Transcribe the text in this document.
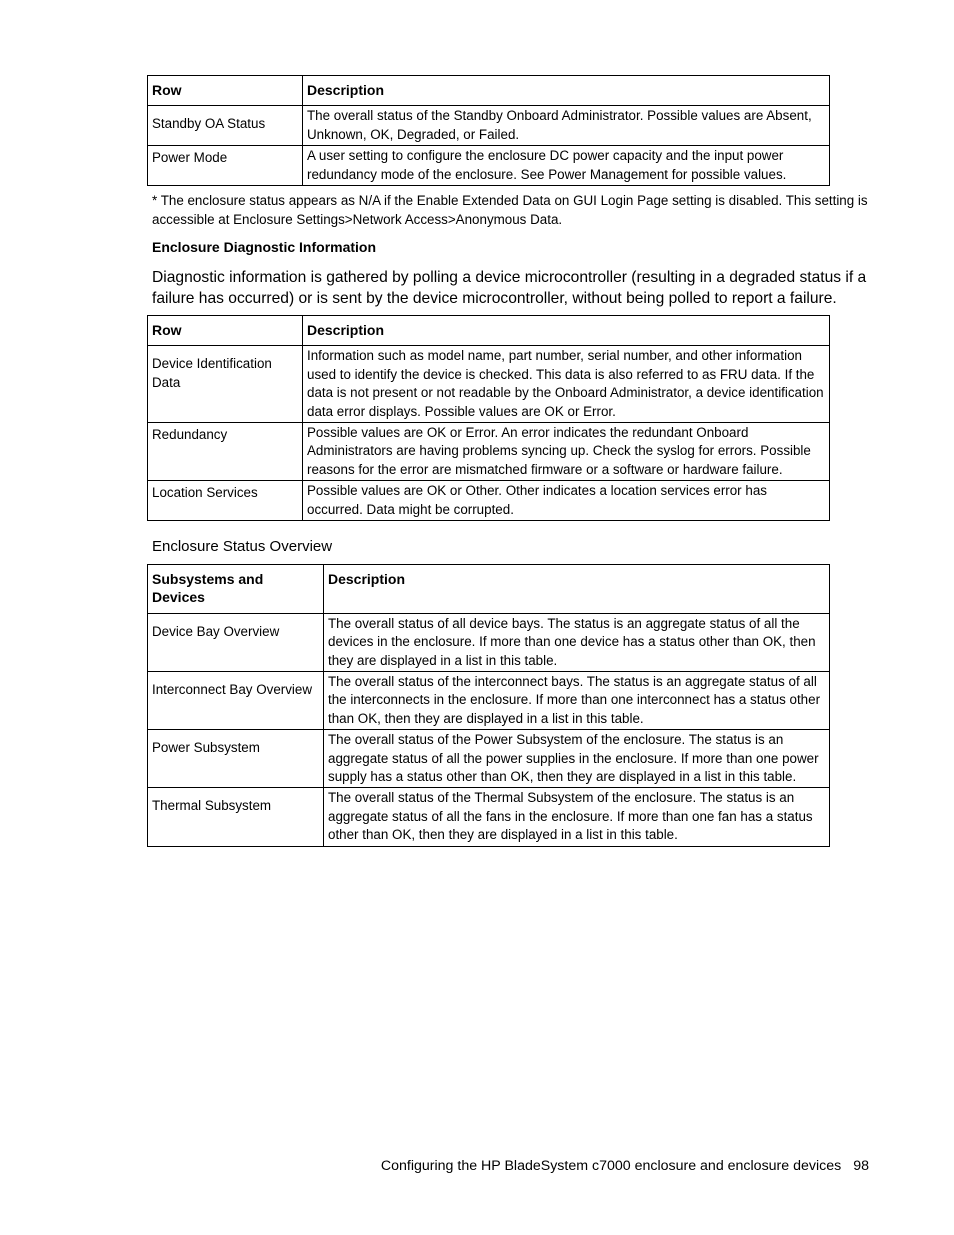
Row	Description
Standby OA Status	The overall status of the Standby Onboard Administrator. Possible values are Absent, Unknown, OK, Degraded, or Failed.
Power Mode	A user setting to configure the enclosure DC power capacity and the input power redundancy mode of the enclosure. See Power Management for possible values.
* The enclosure status appears as N/A if the Enable Extended Data on GUI Login Page setting is disabled. This setting is accessible at Enclosure Settings>Network Access>Anonymous Data.
Enclosure Diagnostic Information
Diagnostic information is gathered by polling a device microcontroller (resulting in a degraded status if a failure has occurred) or is sent by the device microcontroller, without being polled to report a failure.
Row	Description
Device Identification Data	Information such as model name, part number, serial number, and other information used to identify the device is checked. This data is also referred to as FRU data. If the data is not present or not readable by the Onboard Administrator, a device identification data error displays. Possible values are OK or Error.
Redundancy	Possible values are OK or Error. An error indicates the redundant Onboard Administrators are having problems syncing up. Check the syslog for errors. Possible reasons for the error are mismatched firmware or a software or hardware failure.
Location Services	Possible values are OK or Other. Other indicates a location services error has occurred. Data might be corrupted.
Enclosure Status Overview
Subsystems and Devices	Description
Device Bay Overview	The overall status of all device bays. The status is an aggregate status of all the devices in the enclosure. If more than one device has a status other than OK, then they are displayed in a list in this table.
Interconnect Bay Overview	The overall status of the interconnect bays. The status is an aggregate status of all the interconnects in the enclosure. If more than one interconnect has a status other than OK, then they are displayed in a list in this table.
Power Subsystem	The overall status of the Power Subsystem of the enclosure. The status is an aggregate status of all the power supplies in the enclosure. If more than one power supply has a status other than OK, then they are displayed in a list in this table.
Thermal Subsystem	The overall status of the Thermal Subsystem of the enclosure. The status is an aggregate status of all the fans in the enclosure. If more than one fan has a status other than OK, then they are displayed in a list in this table.
Configuring the HP BladeSystem c7000 enclosure and enclosure devices 98
